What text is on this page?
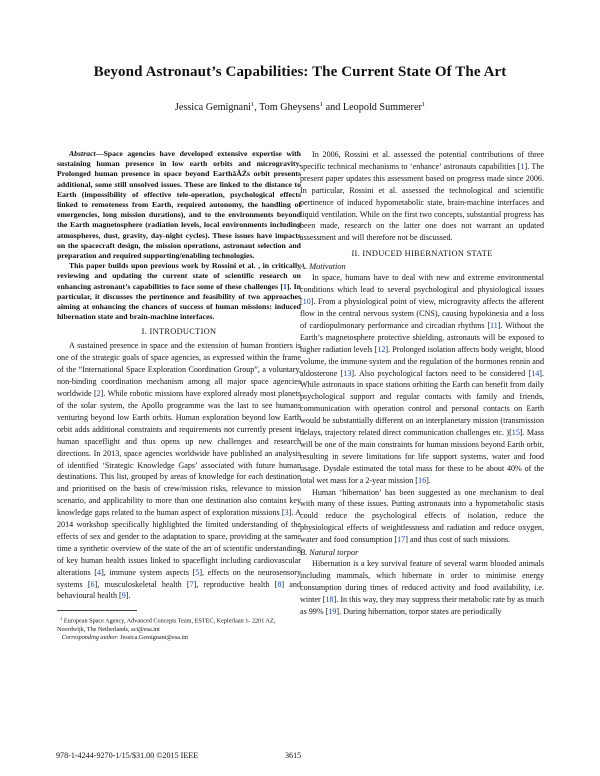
Beyond Astronaut’s Capabilities: The Current State Of The Art
Jessica Gemignani$^1$, Tom Gheysens$^1$ and Leopold Summerer$^1$

Abstract—Space agencies have developed extensive expertise with sustaining human presence in low earth orbits and microgravity. Prolonged human presence in space beyond EarthâĂŹs orbit presents additional, some still unsolved issues. These are linked to the distance to Earth (impossibility of effective tele-operation, psychological effects linked to remoteness from Earth, required autonomy, the handling of emergencies, long mission durations), and to the environments beyond the Earth magnetosphere (radiation levels, local environments including atmospheres, dust, gravity, day-night cycles). These issues have impacts on the spacecraft design, the mission operations, astronaut selection and preparation and required supporting/enabling technologies.

This paper builds upon previous work by Rossini et al. , in critically reviewing and updating the current state of scientific research on enhancing astronaut’s capabilities to face some of these challenges [1]. In particular, it discusses the pertinence and feasibility of two approaches aiming at enhancing the chances of success of human missions: induced hibernation state and brain-machine interfaces.

I. INTRODUCTION

A sustained presence in space and the extension of human frontiers is one of the strategic goals of space agencies, as expressed within the frame of the “International Space Exploration Coordination Group”, a voluntary, non-binding coordination mechanism among all major space agencies worldwide [2]. While robotic missions have explored already most planets of the solar system, the Apollo programme was the last to see humans venturing beyond low Earth orbits. Human exploration beyond low Earth orbit adds additional constraints and requirements not currently present in human spaceflight and thus opens up new challenges and research directions. In 2013, space agencies worldwide have published an analysis of identified ‘Strategic Knowledge Gaps’ associated with future human destinations. This list, grouped by areas of knowledge for each destination and prioritised on the basis of crew/mission risks, relevance to mission scenario, and applicability to more than one destination also contains key knowledge gaps related to the human aspect of exploration missions [3]. A 2014 workshop specifically highlighted the limited understanding of the effects of sex and gender to the adaptation to space, providing at the same time a synthetic overview of the state of the art of scientific understanding of key human health issues linked to spaceflight including cardiovascular alterations [4], immune system aspects [5], effects on the neurosensory systems [6], musculoskeletal health [7], reproductive health [8] and behavioural health [9].

$^1$ European Space Agency, Advanced Concepts Team, ESTEC, Keplerlaan 1- 2201 AZ, Noordwijk, The Netherlands, act@esa.int

Corresponding author: Jessica.Gemignani@esa.int

In 2006, Rossini et al. assessed the potential contributions of three specific technical mechanisms to ‘enhance’ astronauts capabilities [1]. The present paper updates this assessment based on progress made since 2006. In particular, Rossini et al. assessed the technological and scientific pertinence of induced hypometabolic state, brain-machine interfaces and liquid ventilation. While on the first two concepts, substantial progress has been made, research on the latter one does not warrant an updated assessment and will therefore not be discussed.

II. INDUCED HIBERNATION STATE
A. Motivation

In space, humans have to deal with new and extreme environmental conditions which lead to several psychological and physiological issues [10]. From a physiological point of view, microgravity affects the afferent flow in the central nervous system (CNS), causing hypokinesia and a loss of cardiopulmonary performance and circadian rhythms [11]. Without the Earth’s magnetosphere protective shielding, astronauts will be exposed to higher radiation levels [12]. Prolonged isolation affects body weight, blood volume, the immune system and the regulation of the hormones rennin and aldosterone [13]. Also psychological factors need to be considered [14]. While astronauts in space stations orbiting the Earth can benefit from daily psychological support and regular contacts with family and friends, communication with operation control and personal contacts on Earth would be substantially different on an interplanetary mission (transmission delays, trajectory related direct communication challenges etc. )[15]. Mass will be one of the main constraints for human missions beyond Earth orbit, resulting in severe limitations for life support systems, water and food usage. Dysdale estimated the total mass for these to be about 40% of the total wet mass for a 2-year mission [16].

Human ‘hibernation’ has been suggested as one mechanism to deal with many of these issues. Putting astronauts into a hypometabolic stasis could reduce the psychological effects of isolation, reduce the physiological effects of weightlessness and radiation and reduce oxygen, water and food consumption [17] and thus cost of such missions.

B. Natural torpor

Hibernation is a key survival feature of several warm blooded animals including mammals, which hibernate in order to minimise energy consumption during times of reduced activity and food availability, i.e. winter [18]. In this way, they may suppress their metabolic rate by as much as 99% [19]. During hibernation, torpor states are periodically

978-1-4244-9270-1/15/$31.00 ©2015 IEEE	3615
